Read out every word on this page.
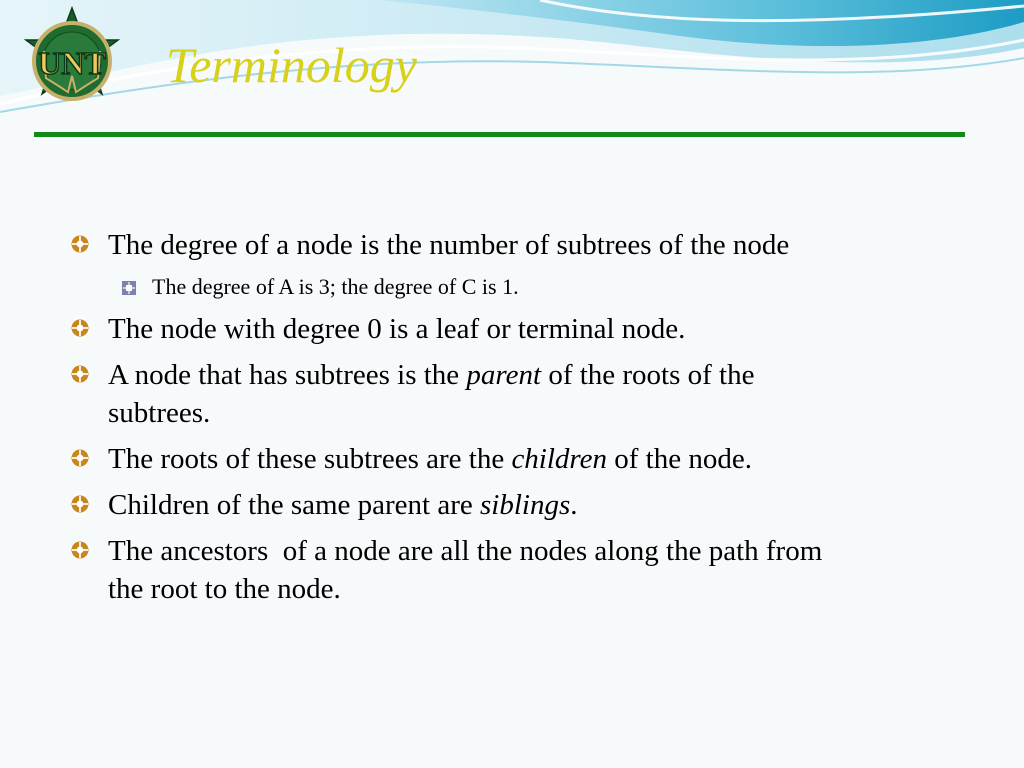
UNT Terminology
The degree of a node is the number of subtrees of the node
The degree of A is 3; the degree of C is 1.
The node with degree 0 is a leaf or terminal node.
A node that has subtrees is the parent of the roots of the subtrees.
The roots of these subtrees are the children of the node.
Children of the same parent are siblings.
The ancestors  of a node are all the nodes along the path from the root to the node.
